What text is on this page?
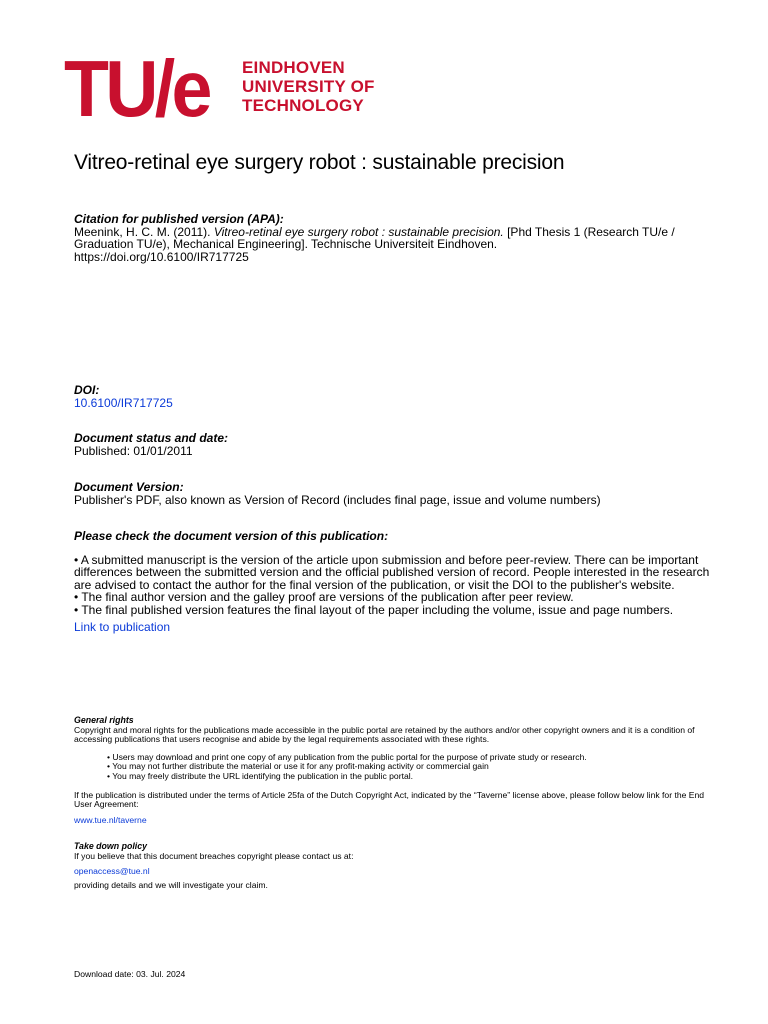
TU/e	EINDHOVEN
UNIVERSITY OF
TECHNOLOGY
Vitreo-retinal eye surgery robot : sustainable precision

Citation for published version (APA):

Meenink, H. C. M. (2011). Vitreo-retinal eye surgery robot : sustainable precision. [Phd Thesis 1 (Research TU/e / Graduation TU/e), Mechanical Engineering]. Technische Universiteit Eindhoven.
https://doi.org/10.6100/IR717725

DOI:

10.6100/IR717725

Document status and date:

Published: 01/01/2011

Document Version:

Publisher's PDF, also known as Version of Record (includes final page, issue and volume numbers)

Please check the document version of this publication:

• A submitted manuscript is the version of the article upon submission and before peer-review. There can be important differences between the submitted version and the official published version of record. People interested in the research are advised to contact the author for the final version of the publication, or visit the DOI to the publisher's website.

• The final author version and the galley proof are versions of the publication after peer review.

• The final published version features the final layout of the paper including the volume, issue and page numbers.

Link to publication

General rights

Copyright and moral rights for the publications made accessible in the public portal are retained by the authors and/or other copyright owners and it is a condition of accessing publications that users recognise and abide by the legal requirements associated with these rights.

• Users may download and print one copy of any publication from the public portal for the purpose of private study or research.

• You may not further distribute the material or use it for any profit-making activity or commercial gain

• You may freely distribute the URL identifying the publication in the public portal.

If the publication is distributed under the terms of Article 25fa of the Dutch Copyright Act, indicated by the “Taverne” license above, please follow below link for the End User Agreement:

www.tue.nl/taverne

Take down policy

If you believe that this document breaches copyright please contact us at:

openaccess@tue.nl

providing details and we will investigate your claim.

Download date: 03. Jul. 2024
